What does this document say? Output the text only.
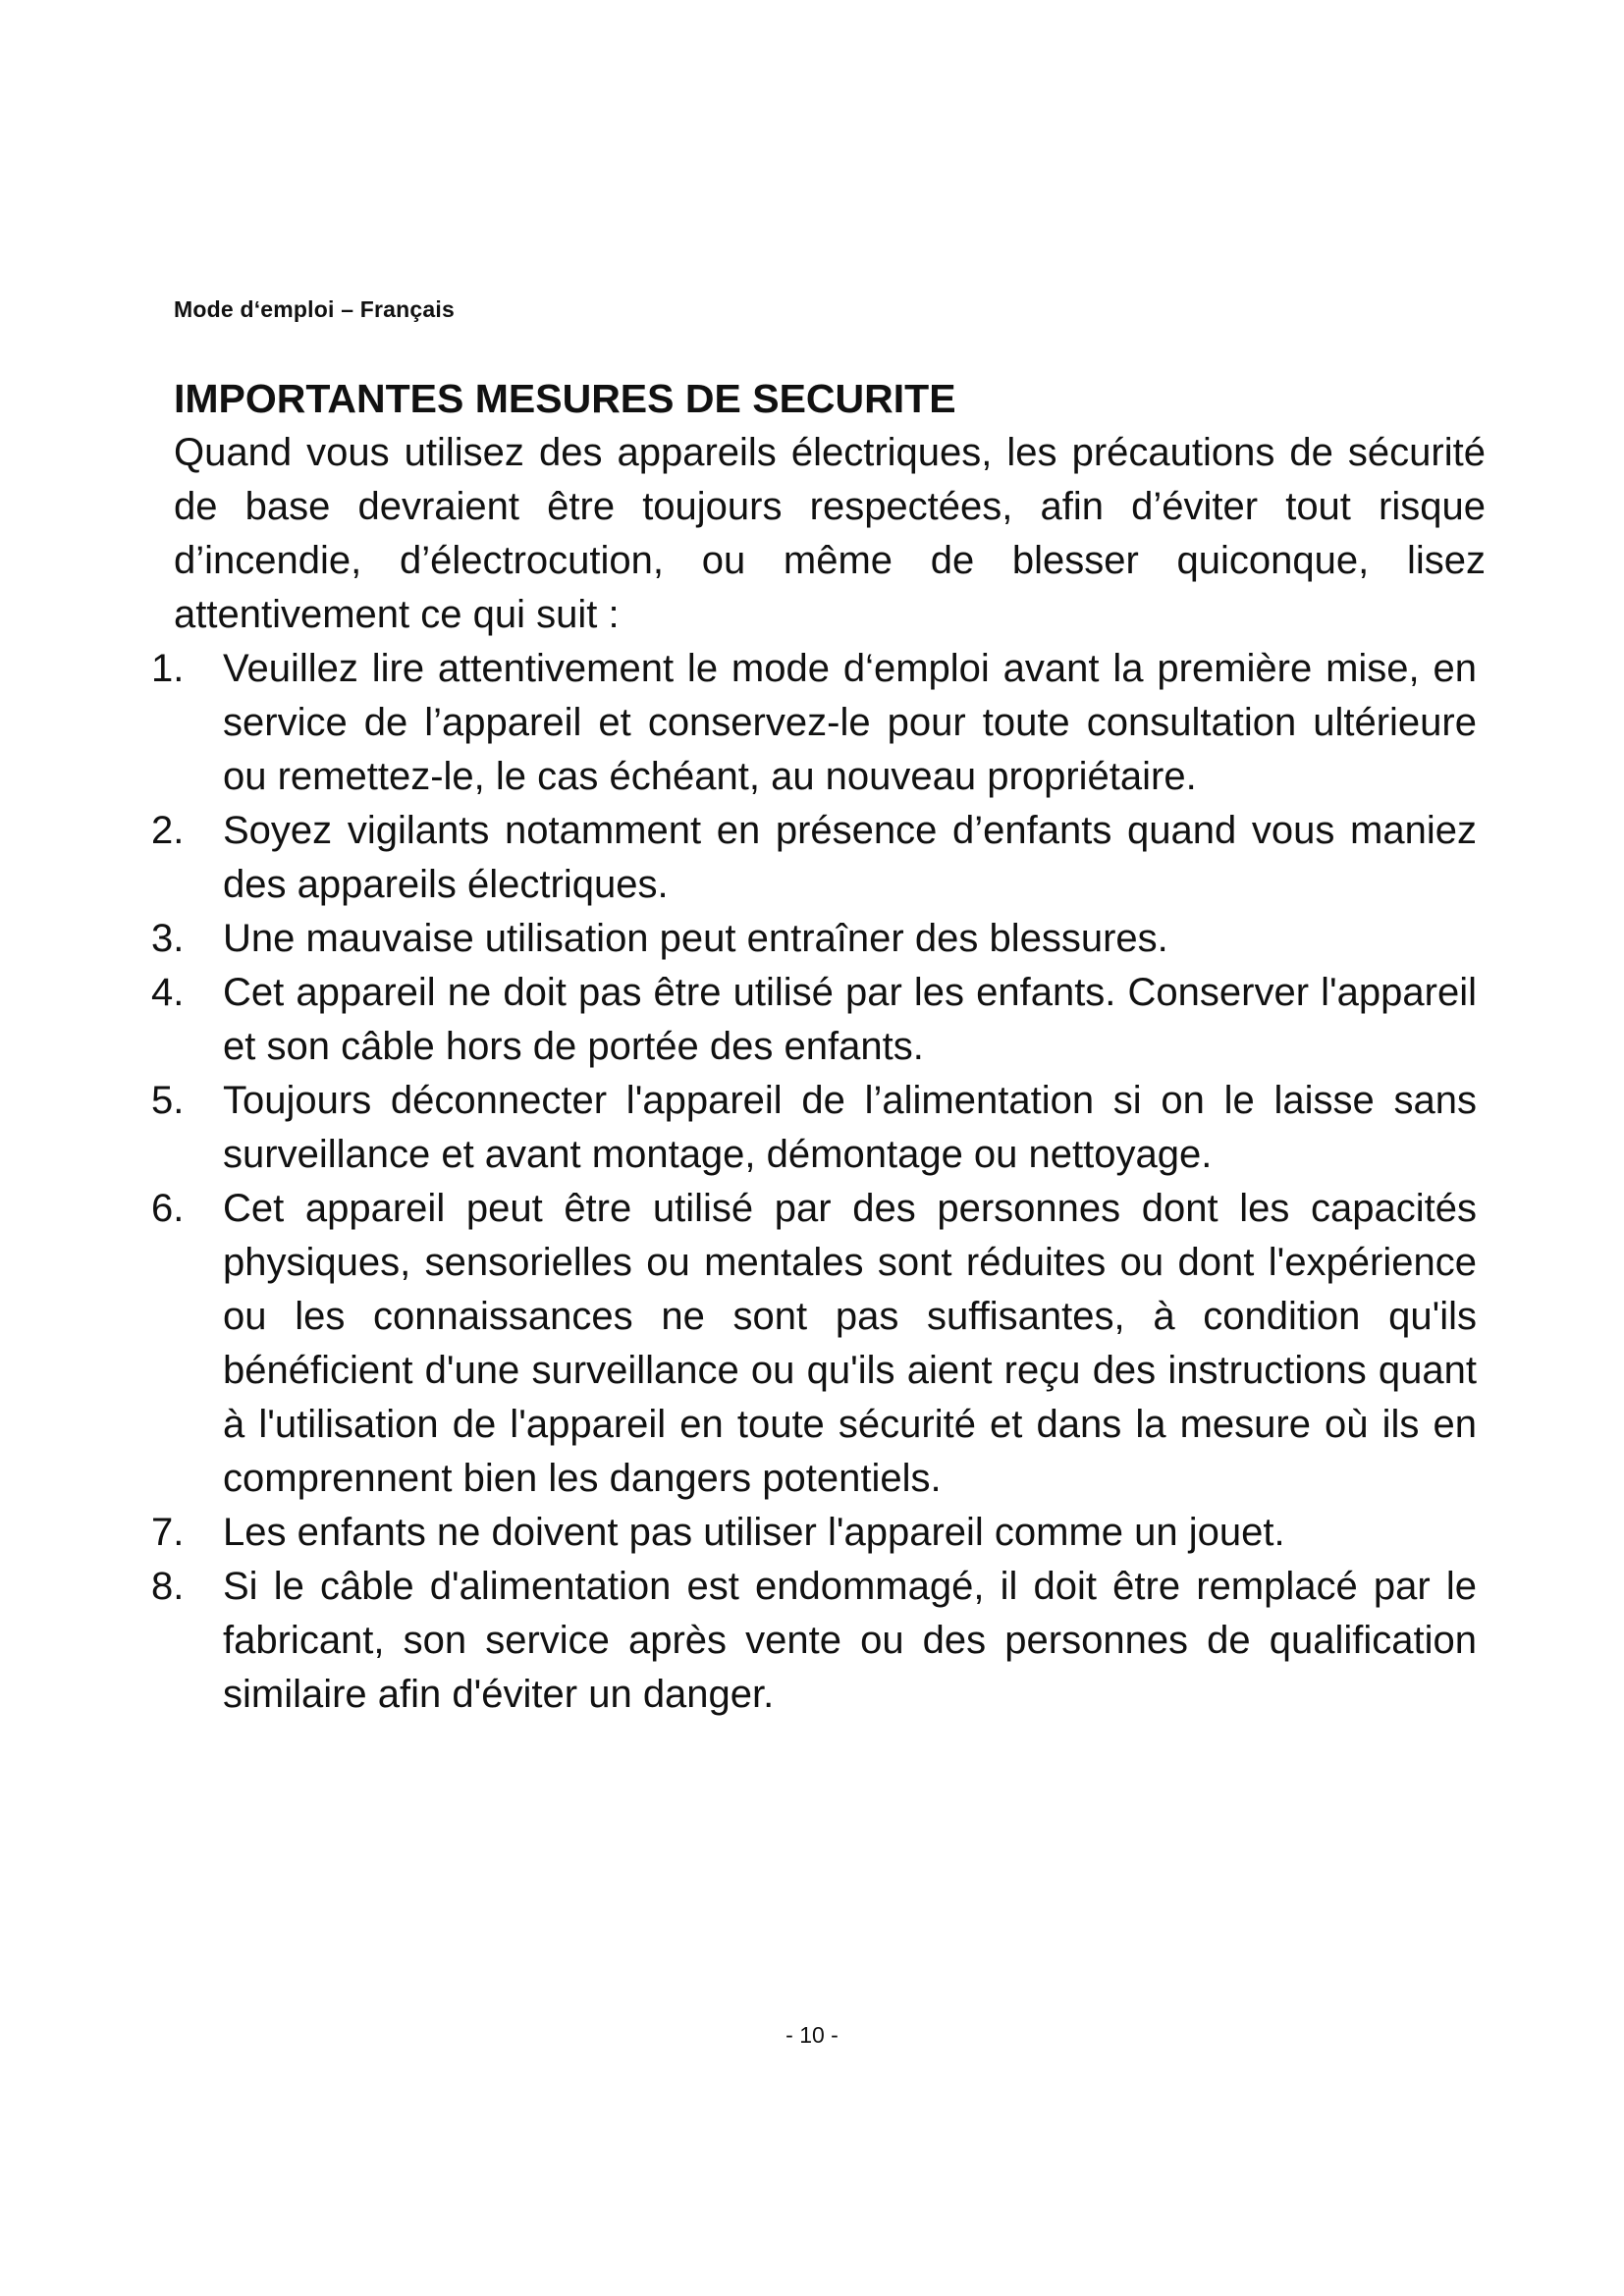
Mode d‘emploi – Français
IMPORTANTES MESURES DE SECURITE

Quand vous utilisez des appareils électriques, les précautions de sécurité de base devraient être toujours respectées, afin d’éviter tout risque d’incendie, d’électrocution, ou même de blesser quiconque, lisez attentivement ce qui suit :

1. Veuillez lire attentivement le mode d‘emploi avant la première mise, en service de l’appareil et conservez-le pour toute consultation ultérieure ou remettez-le, le cas échéant, au nouveau propriétaire.
2. Soyez vigilants notamment en présence d’enfants quand vous maniez des appareils électriques.
3. Une mauvaise utilisation peut entraîner des blessures.
4. Cet appareil ne doit pas être utilisé par les enfants. Conserver l'appareil et son câble hors de portée des enfants.
5. Toujours déconnecter l'appareil de l’alimentation si on le laisse sans surveillance et avant montage, démontage ou nettoyage.
6. Cet appareil peut être utilisé par des personnes dont les capacités physiques, sensorielles ou mentales sont réduites ou dont l'expérience ou les connaissances ne sont pas suffisantes, à condition qu'ils bénéficient d'une surveillance ou qu'ils aient reçu des instructions quant à l'utilisation de l'appareil en toute sécurité et dans la mesure où ils en comprennent bien les dangers potentiels.
7. Les enfants ne doivent pas utiliser l'appareil comme un jouet.
8. Si le câble d'alimentation est endommagé, il doit être remplacé par le fabricant, son service après vente ou des personnes de qualification similaire afin d'éviter un danger.
- 10 -
